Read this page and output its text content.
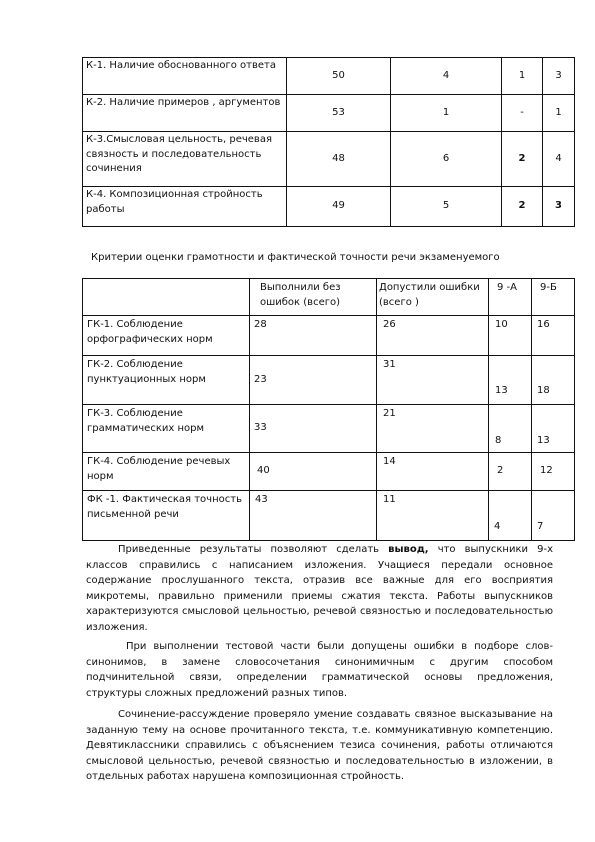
К-1. Наличие обоснованного ответа	50	4	1	3
К-2. Наличие примеров , аргументов	53	1	-	1
К-3.Смысловая цельность, речевая связность и последовательность сочинения	48	6	2	4
К-4. Композиционная стройность работы	49	5	2	3
Критерии оценки грамотности и фактической точности речи экзаменуемого
	Выполнили без ошибок (всего)	Допустили ошибки (всего )	9 -А	9-Б
ГК-1. Соблюдение орфографических норм	28	26	10	16
ГК-2. Соблюдение пунктуационных норм	23	31	13	18
ГК-3. Соблюдение грамматических норм	33	21	8	13
ГК-4. Соблюдение речевых норм	40	14	2	12
ФК -1. Фактическая точность письменной речи	43	11	4	7
Приведенные результаты позволяют сделать вывод, что выпускники 9-х классов справились с написанием изложения. Учащиеся передали основное содержание прослушанного текста, отразив все важные для его восприятия микротемы, правильно применили приемы сжатия текста. Работы выпускников характеризуются смысловой цельностью, речевой связностью и последовательностью изложения.
При выполнении тестовой части были допущены ошибки в подборе слов-синонимов, в замене словосочетания синонимичным с другим способом подчинительной связи, определении грамматической основы предложения, структуры сложных предложений разных типов.
Сочинение-рассуждение проверяло умение создавать связное высказывание на заданную тему на основе прочитанного текста, т.е. коммуникативную компетенцию. Девятиклассники справились с объяснением тезиса сочинения, работы отличаются смысловой цельностью, речевой связностью и последовательностью в изложении, в отдельных работах нарушена композиционная стройность.
